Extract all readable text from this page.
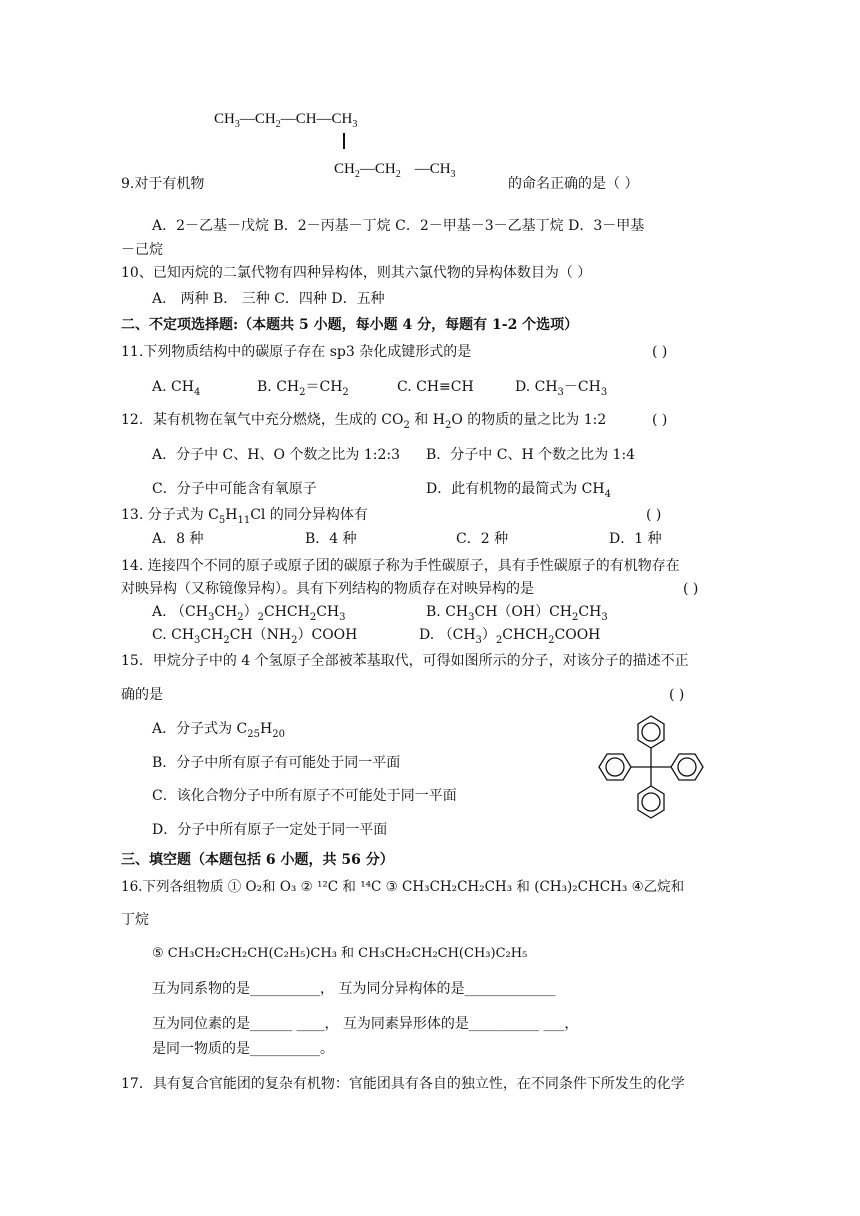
$CH_3—CH_2—CH—CH_3$
$CH_2—CH_2$ $—CH_3$
9.对于有机物	的命名正确的是（ ）
A．2－乙基－戊烷 B．2－丙基－丁烷 C．2－甲基－3－乙基丁烷 D．3－甲基
－己烷
10、已知丙烷的二氯代物有四种异构体，则其六氯代物的异构体数目为（ ）
A． 两种 B． 三种 C．四种 D．五种
二、不定项选择题:（本题共 5 小题，每小题 4 分，每题有 1-2 个选项）
11.下列物质结构中的碳原子存在 sp3 杂化成键形式的是	( )
A. $CH_4$	B. $CH_2=CH_2$	C. CH≡CH	D. $CH_3-CH_3$
12．某有机物在氧气中充分燃烧，生成的 $CO_2$ 和 $H_2O$ 的物质的量之比为 1:2	( )
A．分子中 C、H、O 个数之比为 1:2:3 B．分子中 C、H 个数之比为 1:4
C．分子中可能含有氧原子	D．此有机物的最简式为 $CH_4$
13. 分子式为 $C_5H_{11}Cl$ 的同分异构体有	( )
A．8 种	B．4 种	C．2 种	D．1 种
14. 连接四个不同的原子或原子团的碳原子称为手性碳原子，具有手性碳原子的有机物存在
对映异构（又称镜像异构）。具有下列结构的物质存在对映异构的是	( )
A. $(CH_3CH_2)_2CHCH_2CH_3$	B. $CH_3CH(OH)CH_2CH_3$
C. $CH_3CH_2CH(NH_2)COOH$	D. $(CH_3)_2CHCH_2COOH$
15．甲烷分子中的 4 个氢原子全部被苯基取代，可得如图所示的分子，对该分子的描述不正
确的是	( )
A．分子式为 $C_{25}H_{20}$
B．分子中所有原子有可能处于同一平面
C．该化合物分子中所有原子不可能处于同一平面
D．分子中所有原子一定处于同一平面
三、填空题（本题包括 6 小题，共 56 分）
16.下列各组物质 ① O₂和 O₃ ② ¹²C 和 ¹⁴C ③ CH₃CH₂CH₂CH₃ 和 (CH₃)₂CHCH₃ ④乙烷和
丁烷
⑤ CH₃CH₂CH₂CH(C₂H₅)CH₃ 和 CH₃CH₂CH₂CH(CH₃)C₂H₅
互为同系物的是__________， 互为同分异构体的是_____________
互为同位素的是______ ____， 互为同素异形体的是__________ ___，
是同一物质的是__________。
17．具有复合官能团的复杂有机物：官能团具有各自的独立性，在不同条件下所发生的化学
